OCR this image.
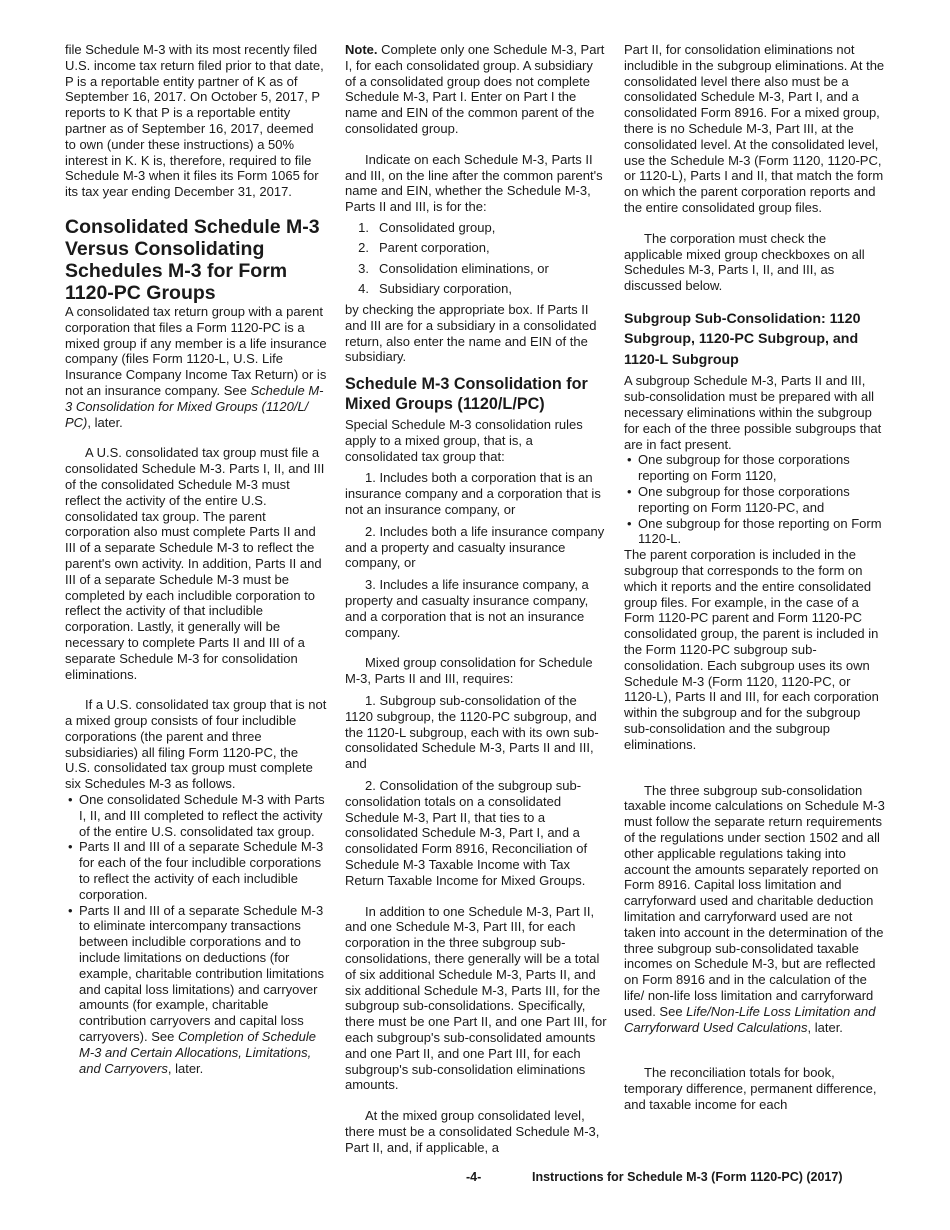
file Schedule M-3 with its most recently filed U.S. income tax return filed prior to that date, P is a reportable entity partner of K as of September 16, 2017. On October 5, 2017, P reports to K that P is a reportable entity partner as of September 16, 2017, deemed to own (under these instructions) a 50% interest in K. K is, therefore, required to file Schedule M-3 when it files its Form 1065 for its tax year ending December 31, 2017.

Consolidated Schedule M-3 Versus Consolidating Schedules M-3 for Form 1120-PC Groups

A consolidated tax return group with a parent corporation that files a Form 1120-PC is a mixed group if any member is a life insurance company (files Form 1120-L, U.S. Life Insurance Company Income Tax Return) or is not an insurance company. See Schedule M-3 Consolidation for Mixed Groups (1120/L/ PC), later.

A U.S. consolidated tax group must file a consolidated Schedule M-3. Parts I, II, and III of the consolidated Schedule M-3 must reflect the activity of the entire U.S. consolidated tax group. The parent corporation also must complete Parts II and III of a separate Schedule M-3 to reflect the parent's own activity. In addition, Parts II and III of a separate Schedule M-3 must be completed by each includible corporation to reflect the activity of that includible corporation. Lastly, it generally will be necessary to complete Parts II and III of a separate Schedule M-3 for consolidation eliminations.

If a U.S. consolidated tax group that is not a mixed group consists of four includible corporations (the parent and three subsidiaries) all filing Form 1120-PC, the U.S. consolidated tax group must complete six Schedules M-3 as follows.

• One consolidated Schedule M-3 with Parts I, II, and III completed to reflect the activity of the entire U.S. consolidated tax group.

• Parts II and III of a separate Schedule M-3 for each of the four includible corporations to reflect the activity of each includible corporation.

• Parts II and III of a separate Schedule M-3 to eliminate intercompany transactions between includible corporations and to include limitations on deductions (for example, charitable contribution limitations and capital loss limitations) and carryover amounts (for example, charitable contribution carryovers and capital loss carryovers). See Completion of Schedule M-3 and Certain Allocations, Limitations, and Carryovers, later.

Note. Complete only one Schedule M-3, Part I, for each consolidated group. A subsidiary of a consolidated group does not complete Schedule M-3, Part I. Enter on Part I the name and EIN of the common parent of the consolidated group.

Indicate on each Schedule M-3, Parts II and III, on the line after the common parent's name and EIN, whether the Schedule M-3, Parts II and III, is for the:

1. Consolidated group,
2. Parent corporation,
3. Consolidation eliminations, or
4. Subsidiary corporation,

by checking the appropriate box. If Parts II and III are for a subsidiary in a consolidated return, also enter the name and EIN of the subsidiary.

Schedule M-3 Consolidation for Mixed Groups (1120/L/PC)

Special Schedule M-3 consolidation rules apply to a mixed group, that is, a consolidated tax group that:

1. Includes both a corporation that is an insurance company and a corporation that is not an insurance company, or

2. Includes both a life insurance company and a property and casualty insurance company, or

3. Includes a life insurance company, a property and casualty insurance company, and a corporation that is not an insurance company.

Mixed group consolidation for Schedule M-3, Parts II and III, requires:

1. Subgroup sub-consolidation of the 1120 subgroup, the 1120-PC subgroup, and the 1120-L subgroup, each with its own sub-consolidated Schedule M-3, Parts II and III, and

2. Consolidation of the subgroup sub-consolidation totals on a consolidated Schedule M-3, Part II, that ties to a consolidated Schedule M-3, Part I, and a consolidated Form 8916, Reconciliation of Schedule M-3 Taxable Income with Tax Return Taxable Income for Mixed Groups.

In addition to one Schedule M-3, Part II, and one Schedule M-3, Part III, for each corporation in the three subgroup sub-consolidations, there generally will be a total of six additional Schedule M-3, Parts II, and six additional Schedule M-3, Parts III, for the subgroup sub-consolidations. Specifically, there must be one Part II, and one Part III, for each subgroup's sub-consolidated amounts and one Part II, and one Part III, for each subgroup's sub-consolidation eliminations amounts.

At the mixed group consolidated level, there must be a consolidated Schedule M-3, Part II, and, if applicable, a

Part II, for consolidation eliminations not includible in the subgroup eliminations. At the consolidated level there also must be a consolidated Schedule M-3, Part I, and a consolidated Form 8916. For a mixed group, there is no Schedule M-3, Part III, at the consolidated level. At the consolidated level, use the Schedule M-3 (Form 1120, 1120-PC, or 1120-L), Parts I and II, that match the form on which the parent corporation reports and the entire consolidated group files.

The corporation must check the applicable mixed group checkboxes on all Schedules M-3, Parts I, II, and III, as discussed below.

Subgroup Sub-Consolidation: 1120 Subgroup, 1120-PC Subgroup, and 1120-L Subgroup

A subgroup Schedule M-3, Parts II and III, sub-consolidation must be prepared with all necessary eliminations within the subgroup for each of the three possible subgroups that are in fact present.

• One subgroup for those corporations reporting on Form 1120,

• One subgroup for those corporations reporting on Form 1120-PC, and

• One subgroup for those reporting on Form 1120-L.

The parent corporation is included in the subgroup that corresponds to the form on which it reports and the entire consolidated group files. For example, in the case of a Form 1120-PC parent and Form 1120-PC consolidated group, the parent is included in the Form 1120-PC subgroup sub-consolidation. Each subgroup uses its own Schedule M-3 (Form 1120, 1120-PC, or 1120-L), Parts II and III, for each corporation within the subgroup and for the subgroup sub-consolidation and the subgroup eliminations.

The three subgroup sub-consolidation taxable income calculations on Schedule M-3 must follow the separate return requirements of the regulations under section 1502 and all other applicable regulations taking into account the amounts separately reported on Form 8916. Capital loss limitation and carryforward used and charitable deduction limitation and carryforward used are not taken into account in the determination of the three subgroup sub-consolidated taxable incomes on Schedule M-3, but are reflected on Form 8916 and in the calculation of the life/ non-life loss limitation and carryforward used. See Life/Non-Life Loss Limitation and Carryforward Used Calculations, later.

The reconciliation totals for book, temporary difference, permanent difference, and taxable income for each

-4-	Instructions for Schedule M-3 (Form 1120-PC) (2017)
